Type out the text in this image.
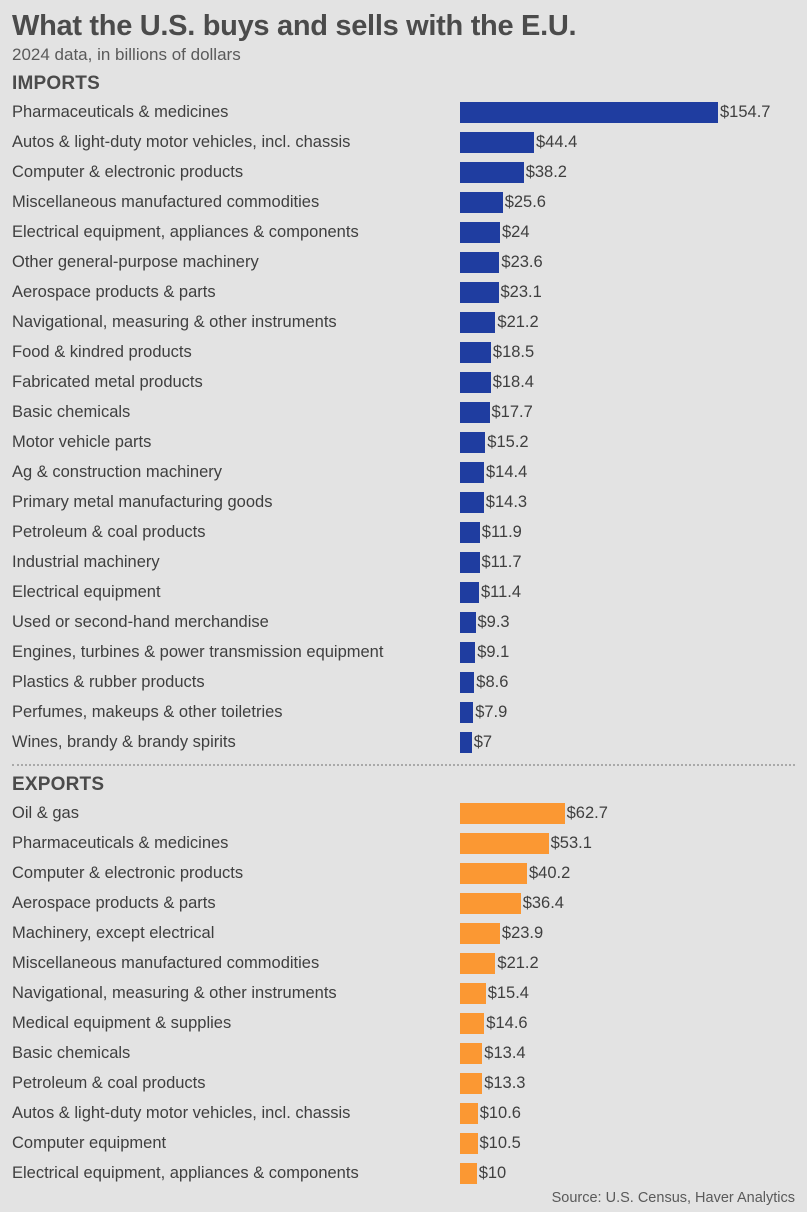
What the U.S. buys and sells with the E.U.
2024 data, in billions of dollars
IMPORTS
Pharmaceuticals & medicines	$154.7
Autos & light-duty motor vehicles, incl. chassis	$44.4
Computer & electronic products	$38.2
Miscellaneous manufactured commodities	$25.6
Electrical equipment, appliances & components	$24
Other general-purpose machinery	$23.6
Aerospace products & parts	$23.1
Navigational, measuring & other instruments	$21.2
Food & kindred products	$18.5
Fabricated metal products	$18.4
Basic chemicals	$17.7
Motor vehicle parts	$15.2
Ag & construction machinery	$14.4
Primary metal manufacturing goods	$14.3
Petroleum & coal products	$11.9
Industrial machinery	$11.7
Electrical equipment	$11.4
Used or second-hand merchandise	$9.3
Engines, turbines & power transmission equipment	$9.1
Plastics & rubber products	$8.6
Perfumes, makeups & other toiletries	$7.9
Wines, brandy & brandy spirits	$7
EXPORTS
Oil & gas	$62.7
Pharmaceuticals & medicines	$53.1
Computer & electronic products	$40.2
Aerospace products & parts	$36.4
Machinery, except electrical	$23.9
Miscellaneous manufactured commodities	$21.2
Navigational, measuring & other instruments	$15.4
Medical equipment & supplies	$14.6
Basic chemicals	$13.4
Petroleum & coal products	$13.3
Autos & light-duty motor vehicles, incl. chassis	$10.6
Computer equipment	$10.5
Electrical equipment, appliances & components	$10
Source: U.S. Census, Haver Analytics
